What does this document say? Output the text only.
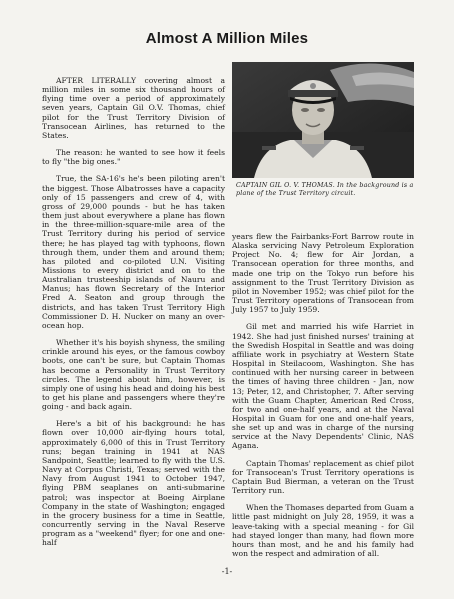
Almost A Million Miles

AFTER LITERALLY covering almost a million miles in some six thousand hours of flying time over a period of approximately seven years, Captain Gil O.V. Thomas, chief pilot for the Trust Territory Division of Transocean Airlines, has returned to the States.

The reason: he wanted to see how it feels to fly "the big ones."

True, the SA-16's he's been piloting aren't the biggest. Those Albatrosses have a capacity only of 15 passengers and crew of 4, with gross of 29,000 pounds - but he has taken them just about everywhere a plane has flown in the three-million-square-mile area of the Trust Territory during his period of service there; he has played tag with typhoons, flown through them, under them and around them; has piloted and co-piloted U.N. Visiting Missions to every district and on to the Australian trusteeship islands of Nauru and Manus; has flown Secretary of the Interior Fred A. Seaton and group through the districts, and has taken Trust Territory High Commissioner D. H. Nucker on many an over-ocean hop.

Whether it's his boyish shyness, the smiling crinkle around his eyes, or the famous cowboy boots, one can't be sure, but Captain Thomas has become a Personality in Trust Territory circles. The legend about him, however, is simply one of using his head and doing his best to get his plane and passengers where they're going - and back again.

Here's a bit of his background: he has flown over 10,000 air-flying hours total, approximately 6,000 of this in Trust Territory runs; began training in 1941 at NAS Sandpoint, Seattle; learned to fly with the U.S. Navy at Corpus Christi, Texas; served with the Navy from August 1941 to October 1947, flying PBM seaplanes on anti-submarine patrol; was inspector at Boeing Airplane Company in the state of Washington; engaged in the grocery business for a time in Seattle, concurrently serving in the Naval Reserve program as a "weekend" flyer; for one and one-half

CAPTAIN GIL O. V. THOMAS. In the background is a plane of the Trust Territory circuit.

years flew the Fairbanks-Fort Barrow route in Alaska servicing Navy Petroleum Exploration Project No. 4; flew for Air Jordan, a Transocean operation for three months, and made one trip on the Tokyo run before his assignment to the Trust Territory Division as pilot in November 1952; was chief pilot for the Trust Territory operations of Transocean from July 1957 to July 1959.

Gil met and married his wife Harriet in 1942. She had just finished nurses' training at the Swedish Hospital in Seattle and was doing affiliate work in psychiatry at Western State Hospital in Steilacoom, Washington. She has continued with her nursing career in between the times of having three children - Jan, now 13; Peter, 12, and Christopher, 7. After serving with the Guam Chapter, American Red Cross, for two and one-half years, and at the Naval Hospital in Guam for one and one-half years, she set up and was in charge of the nursing service at the Navy Dependents' Clinic, NAS Agana.

Captain Thomas' replacement as chief pilot for Transocean's Trust Territory operations is Captain Bud Bierman, a veteran on the Trust Territory run.

When the Thomases departed from Guam a little past midnight on July 28, 1959, it was a leave-taking with a special meaning - for Gil had stayed longer than many, had flown more hours than most, and he and his family had won the respect and admiration of all.

-1-
